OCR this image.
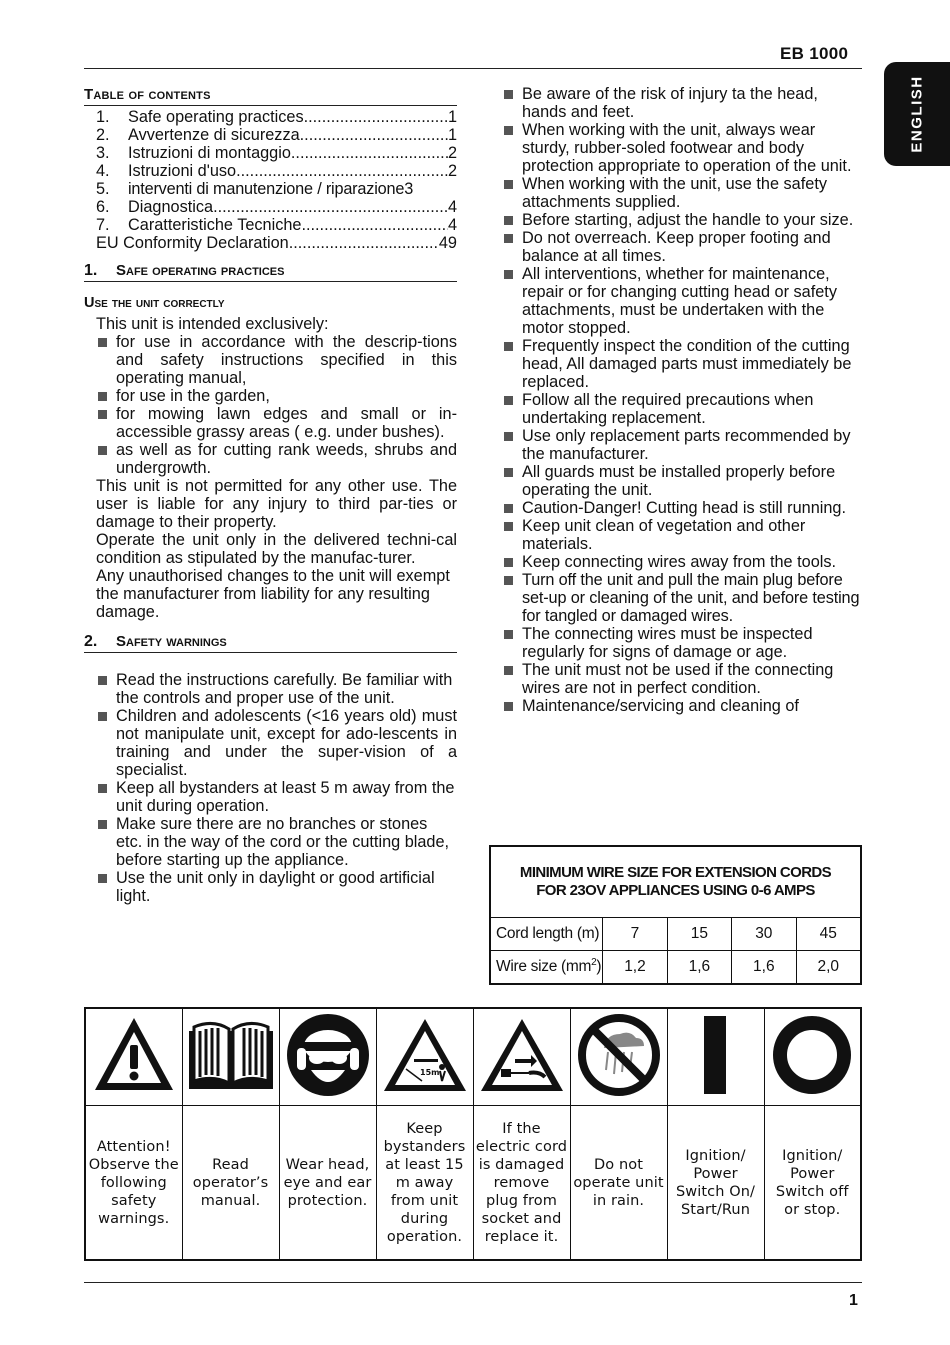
EB 1000
ENGLISH
Table of contents
1.	Safe operating practices .....	1
2.	Avvertenze di sicurezza .....	1
3.	Istruzioni di montaggio .....	2
4.	Istruzioni d'uso .....	2
5.	interventi di manutenzione / riparazione 3
6.	Diagnostica .....	4
7.	Caratteristiche Tecniche .....	4
EU Conformity Declaration .....	49
1.	Safe operating practices
Use the unit correctly
This unit is intended exclusively:
for use in accordance with the descrip-tions and safety instructions specified in this operating manual,
for use in the garden,
for mowing lawn edges and small or in-accessible grassy areas ( e.g. under bushes).
as well as for cutting rank weeds, shrubs and undergrowth.
This unit is not permitted for any other use. The user is liable for any injury to third par-ties or damage to their property.
Operate the unit only in the delivered techni-cal condition as stipulated by the manufac-turer.
Any unauthorised changes to the unit will exempt the manufacturer from liability for any resulting damage.
2.	Safety warnings
Read the instructions carefully. Be familiar with the controls and proper use of the unit.
Children and adolescents (<16 years old) must not manipulate unit, except for ado-lescents in training and under the super-vision of a specialist.
Keep all bystanders at least 5 m away from the unit during operation.
Make sure there are no branches or stones etc. in the way of the cord or the cutting blade, before starting up the appliance.
Use the unit only in daylight or good artificial light.
Be aware of the risk of injury ta the head, hands and feet.
When working with the unit, always wear sturdy, rubber-soled footwear and body protection appropriate to operation of the unit.
When working with the unit, use the safety attachments supplied.
Before starting, adjust the handle to your size.
Do not overreach. Keep proper footing and balance at all times.
All interventions, whether for maintenance, repair or for changing cutting head or safety attachments, must be undertaken with the motor stopped.
Frequently inspect the condition of the cutting head, All damaged parts must immediately be replaced.
Follow all the required precautions when undertaking replacement.
Use only replacement parts recommended by the manufacturer.
All guards must be installed properly before operating the unit.
Caution-Danger! Cutting head is still running.
Keep unit clean of vegetation and other materials.
Keep connecting wires away from the tools.
Turn off the unit and pull the main plug before set-up or cleaning of the unit, and before testing for tangled or damaged wires.
The connecting wires must be inspected regularly for signs of damage or age.
The unit must not be used if the connecting wires are not in perfect condition.
Maintenance/servicing and cleaning of
MINIMUM WIRE SIZE FOR EXTENSION CORDS
FOR 23OV APPLIANCES USING 0-6 AMPS				

Cord length (m)	7	15	30	45
Wire size $(mm^2)$	1,2	1,6	1,6	2,0

15m

Attention! Observe the following safety warnings.	Read operator’s manual.	Wear head, eye and ear protection.	Keep bystanders at least 15 m away from unit during operation.	If the electric cord is damaged remove plug from socket and replace it.	Do not operate unit in rain.	Ignition/ Power Switch On/ Start/Run	Ignition/ Power Switch off or stop.
1
